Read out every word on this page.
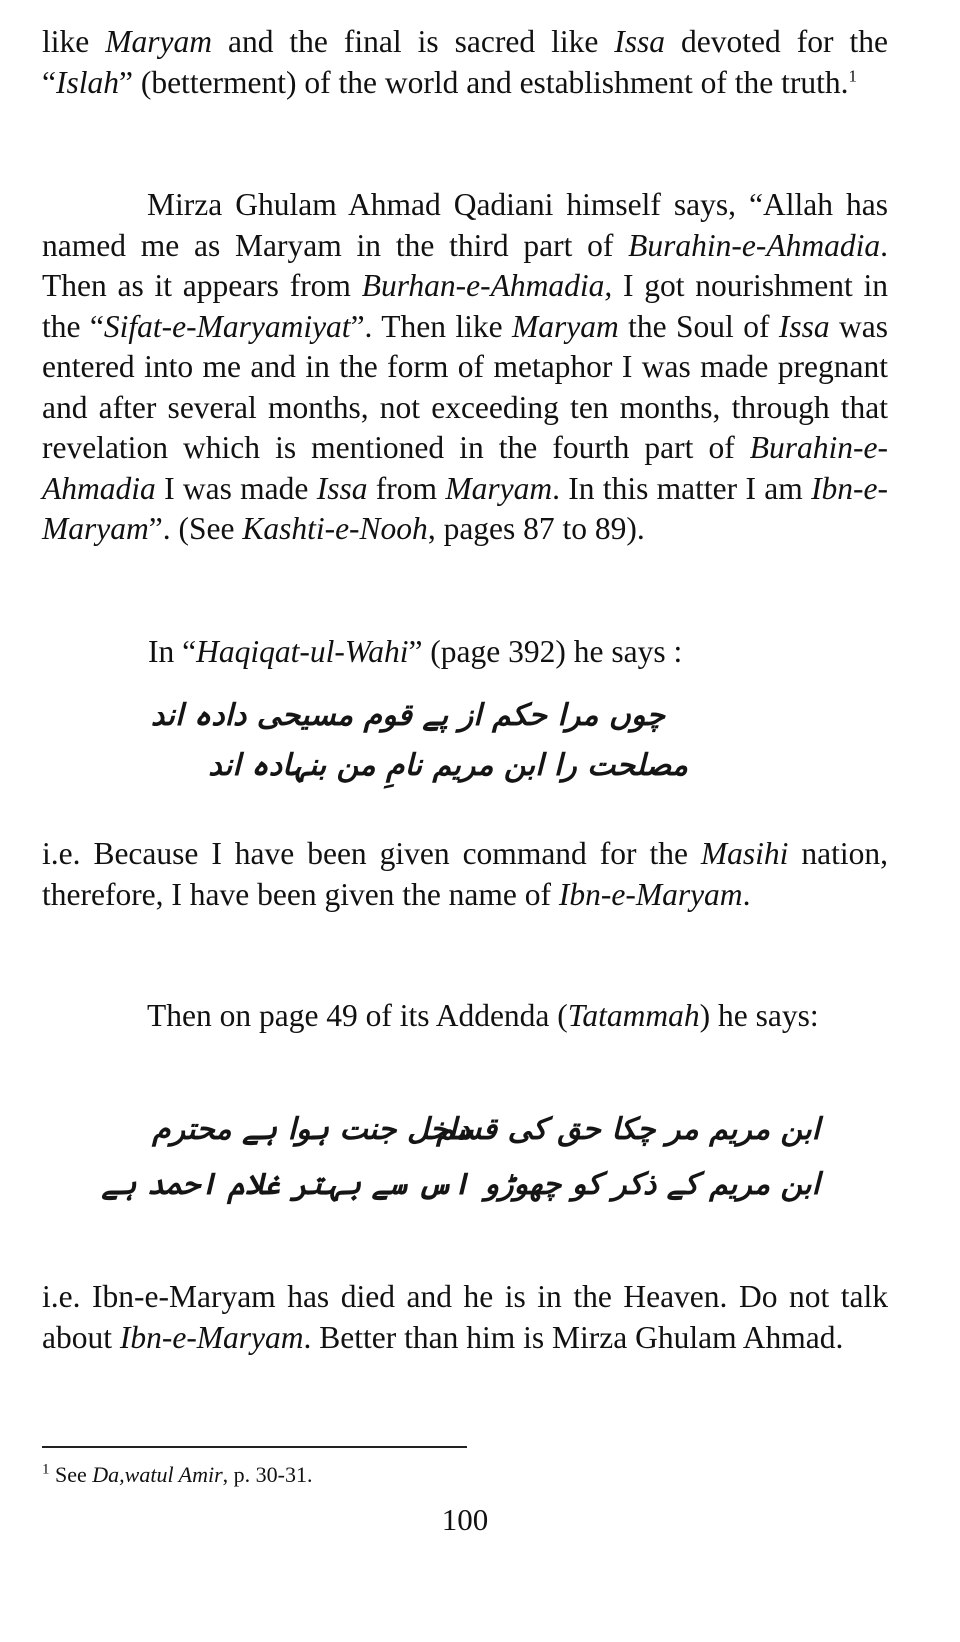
like Maryam and the final is sacred like Issa devoted for the “Islah” (betterment) of the world and establishment of the truth.$^1$

Mirza Ghulam Ahmad Qadiani himself says, “Allah has named me as Maryam in the third part of Burahin-e-Ahmadia. Then as it appears from Burhan-e-Ahmadia, I got nourishment in the “Sifat-e-Maryamiyat”. Then like Maryam the Soul of Issa was entered into me and in the form of metaphor I was made pregnant and after several months, not exceeding ten months, through that revelation which is mentioned in the fourth part of Burahin-e-Ahmadia I was made Issa from Maryam. In this matter I am Ibn-e-Maryam”. (See Kashti-e-Nooh, pages 87 to 89).

In “Haqiqat-ul-Wahi” (page 392) he says :
چوں مرا حکم از پے قوم مسیحی دادہ اند
مصلحت را ابن مریم نامِ من بنہادہ اند

i.e. Because I have been given command for the Masihi nation, therefore, I have been given the name of Ibn-e-Maryam.

Then on page 49 of its Addenda (Tatammah) he says:

ابن مریم مر چکا حق کی قسم
داخل جنت ہوا ہے محترم
ابن مریم کے ذکر کو چھوڑو
اس سے بہتر غلام احمد ہے

i.e. Ibn-e-Maryam has died and he is in the Heaven. Do not talk about Ibn-e-Maryam. Better than him is Mirza Ghulam Ahmad.

$^1$ See Da,watul Amir, p. 30-31.
100
